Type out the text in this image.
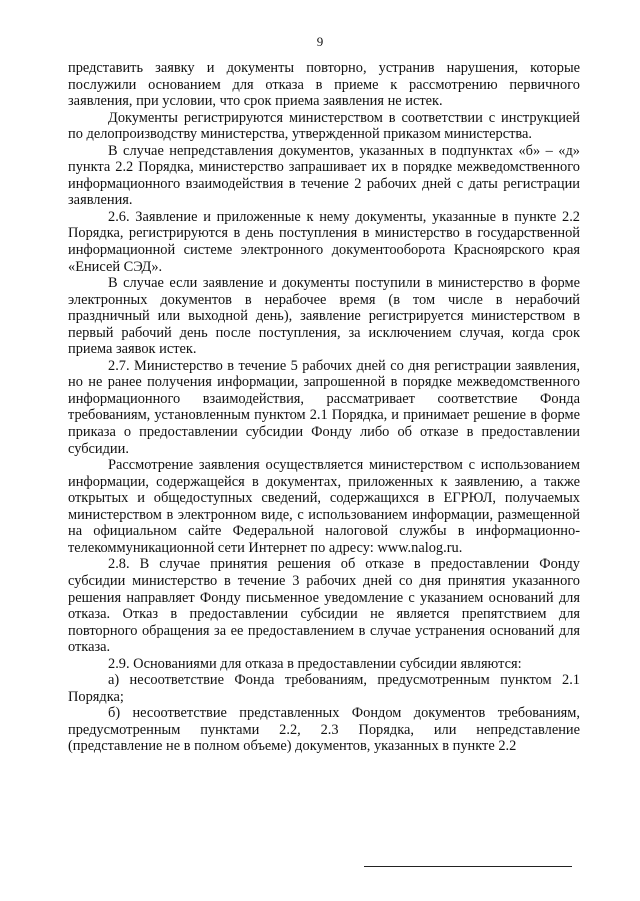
9

представить заявку и документы повторно, устранив нарушения, которые послужили основанием для отказа в приеме к рассмотрению первичного заявления, при условии, что срок приема заявления не истек.

Документы регистрируются министерством в соответствии с инструкцией по делопроизводству министерства, утвержденной приказом министерства.

В случае непредставления документов, указанных в подпунктах «б» – «д» пункта 2.2 Порядка, министерство запрашивает их в порядке межведомственного информационного взаимодействия в течение 2 рабочих дней с даты регистрации заявления.

2.6. Заявление и приложенные к нему документы, указанные в пункте 2.2 Порядка, регистрируются в день поступления в министерство в государственной информационной системе электронного документооборота Красноярского края «Енисей СЭД».

В случае если заявление и документы поступили в министерство в форме электронных документов в нерабочее время (в том числе в нерабочий праздничный или выходной день), заявление регистрируется министерством в первый рабочий день после поступления, за исключением случая, когда срок приема заявок истек.

2.7. Министерство в течение 5 рабочих дней со дня регистрации заявления, но не ранее получения информации, запрошенной в порядке межведомственного информационного взаимодействия, рассматривает соответствие Фонда требованиям, установленным пунктом 2.1 Порядка, и принимает решение в форме приказа о предоставлении субсидии Фонду либо об отказе в предоставлении субсидии.

Рассмотрение заявления осуществляется министерством с использованием информации, содержащейся в документах, приложенных к заявлению, а также открытых и общедоступных сведений, содержащихся в ЕГРЮЛ, получаемых министерством в электронном виде, с использованием информации, размещенной на официальном сайте Федеральной налоговой службы в информационно-телекоммуникационной сети Интернет по адресу: www.nalog.ru.

2.8. В случае принятия решения об отказе в предоставлении Фонду субсидии министерство в течение 3 рабочих дней со дня принятия указанного решения направляет Фонду письменное уведомление с указанием оснований для отказа. Отказ в предоставлении субсидии не является препятствием для повторного обращения за ее предоставлением в случае устранения оснований для отказа.

2.9. Основаниями для отказа в предоставлении субсидии являются:

а) несоответствие Фонда требованиям, предусмотренным пунктом 2.1 Порядка;

б) несоответствие представленных Фондом документов требованиям, предусмотренным пунктами 2.2, 2.3 Порядка, или непредставление (представление не в полном объеме) документов, указанных в пункте 2.2
